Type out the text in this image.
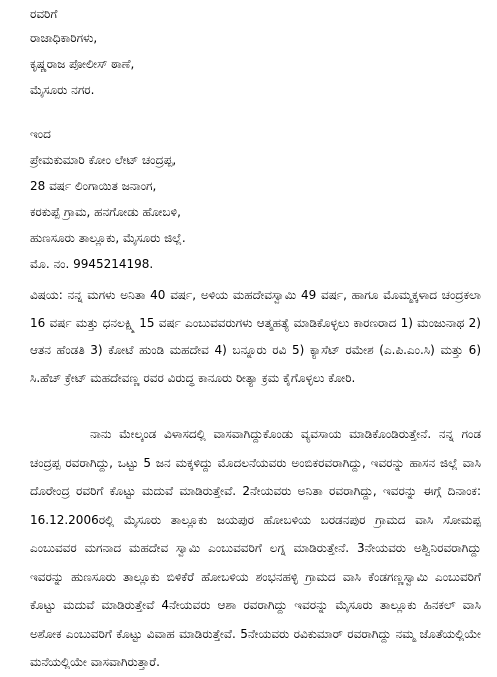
ರವರಿಗೆ
ರಾಜಾಧಿಕಾರಿಗಳು,
ಕೃಷ್ಣರಾಜ ಪೋಲೀಸ್ ಠಾಣೆ,
ಮೈಸೂರು ನಗರ.
ಇಂದ
ಪ್ರೇಮಕುಮಾರಿ ಕೋಂ ಲೇಟ್ ಚಂದ್ರಪ್ಪ,
28 ವರ್ಷ ಲಿಂಗಾಯಿತ ಜನಾಂಗ,
ಕರಕುಪ್ಪೆ ಗ್ರಾಮ, ಹನಗೋಡು ಹೋಬಳಿ,
ಹುಣಸೂರು ತಾಲ್ಲೂಕು, ಮೈಸೂರು ಜಿಲ್ಲೆ.
ಮೊ. ನಂ. 9945214198.

ವಿಷಯ: ನನ್ನ ಮಗಳು ಅನಿತಾ 40 ವರ್ಷ, ಅಳಿಯ ಮಹದೇವಸ್ವಾಮಿ 49 ವರ್ಷ, ಹಾಗೂ ಮೊಮ್ಮಕ್ಕಳಾದ ಚಂದ್ರಕಲಾ 16 ವರ್ಷ ಮತ್ತು ಧನಲಕ್ಷ್ಮಿ 15 ವರ್ಷ ಎಂಬುವವರುಗಳು ಆತ್ಮಹತ್ಯೆ ಮಾಡಿಕೊಳ್ಳಲು ಕಾರಣರಾದ 1) ಮಂಜುನಾಥ 2) ಆತನ ಹೆಂಡತಿ 3) ಕೋಟೆ ಹುಂಡಿ ಮಹದೇವ 4) ಬನ್ನೂರು ರವಿ 5) ಕ್ಯಾಸೆಟ್ ರಮೇಶ (ಎ.ಪಿ.ಎಂ.ಸಿ) ಮತ್ತು 6) ಸಿ.ಹೆಚ್ ಕ್ರೇಟ್ ಮಹದೇವಣ್ಣ ರವರ ವಿರುದ್ಧ ಕಾನೂರು ರೀತ್ಯಾ ಕ್ರಮ ಕೈಗೊಳ್ಳಲು ಕೋರಿ.

ನಾನು ಮೇಲ್ಕಂಡ ವಿಳಾಸದಲ್ಲಿ ವಾಸವಾಗಿದ್ದುಕೊಂಡು ವ್ಯವಸಾಯ ಮಾಡಿಕೊಂಡಿರುತ್ತೇನೆ. ನನ್ನ ಗಂಡ ಚಂದ್ರಪ್ಪ ರವರಾಗಿದ್ದು, ಒಟ್ಟು 5 ಜನ ಮಕ್ಕಳಿದ್ದು ಮೊದಲನೆಯವರು ಅಂಬಿಕರವರಾಗಿದ್ದು, ಇವರನ್ನು ಹಾಸನ ಜಿಲ್ಲೆ ವಾಸಿ ದೊರೇಂದ್ರ ರವರಿಗೆ ಕೊಟ್ಟು ಮದುವೆ ಮಾಡಿರುತ್ತೇವೆ. 2ನೇಯವರು ಅನಿತಾ ರವರಾಗಿದ್ದು, ಇವರನ್ನು ಈಗ್ಗೆ ದಿನಾಂಕ: 16.12.2006ರಲ್ಲಿ ಮೈಸೂರು ತಾಲ್ಲೂಕು ಜಯಪುರ ಹೋಬಳಿಯ ಬರಡನಪುರ ಗ್ರಾಮದ ವಾಸಿ ಸೋಮಪ್ಪ ಎಂಬುವವರ ಮಗನಾದ ಮಹದೇವ ಸ್ವಾಮಿ ಎಂಬುವವರಿಗೆ ಲಗ್ನ ಮಾಡಿರುತ್ತೇನೆ. 3ನೇಯವರು ಅಶ್ವಿನಿರವರಾಗಿದ್ದು ಇವರನ್ನು ಹುಣಸೂರು ತಾಲ್ಲೂಕು ಬಿಳಿಕೆರೆ ಹೋಬಳಿಯ ಶಂಭನಹಳ್ಳಿ ಗ್ರಾಮದ ವಾಸಿ ಕೆಂಡಗಣ್ಣಸ್ವಾಮಿ ಎಂಬುವರಿಗೆ ಕೊಟ್ಟು ಮದುವೆ ಮಾಡಿರುತ್ತೇವೆ 4ನೇಯವರು ಆಶಾ ರವರಾಗಿದ್ದು ಇವರನ್ನು ಮೈಸೂರು ತಾಲ್ಲೂಕು ಹಿನಕಲ್ ವಾಸಿ ಅಶೋಕ ಎಂಬುವರಿಗೆ ಕೊಟ್ಟು ವಿವಾಹ ಮಾಡಿರುತ್ತೇವೆ. 5ನೇಯವರು ರವಿಕುಮಾರ್ ರವರಾಗಿದ್ದು ನಮ್ಮ ಜೊತೆಯಲ್ಲಿಯೇ ಮನೆಯಲ್ಲಿಯೇ ವಾಸವಾಗಿರುತ್ತಾರೆ.
